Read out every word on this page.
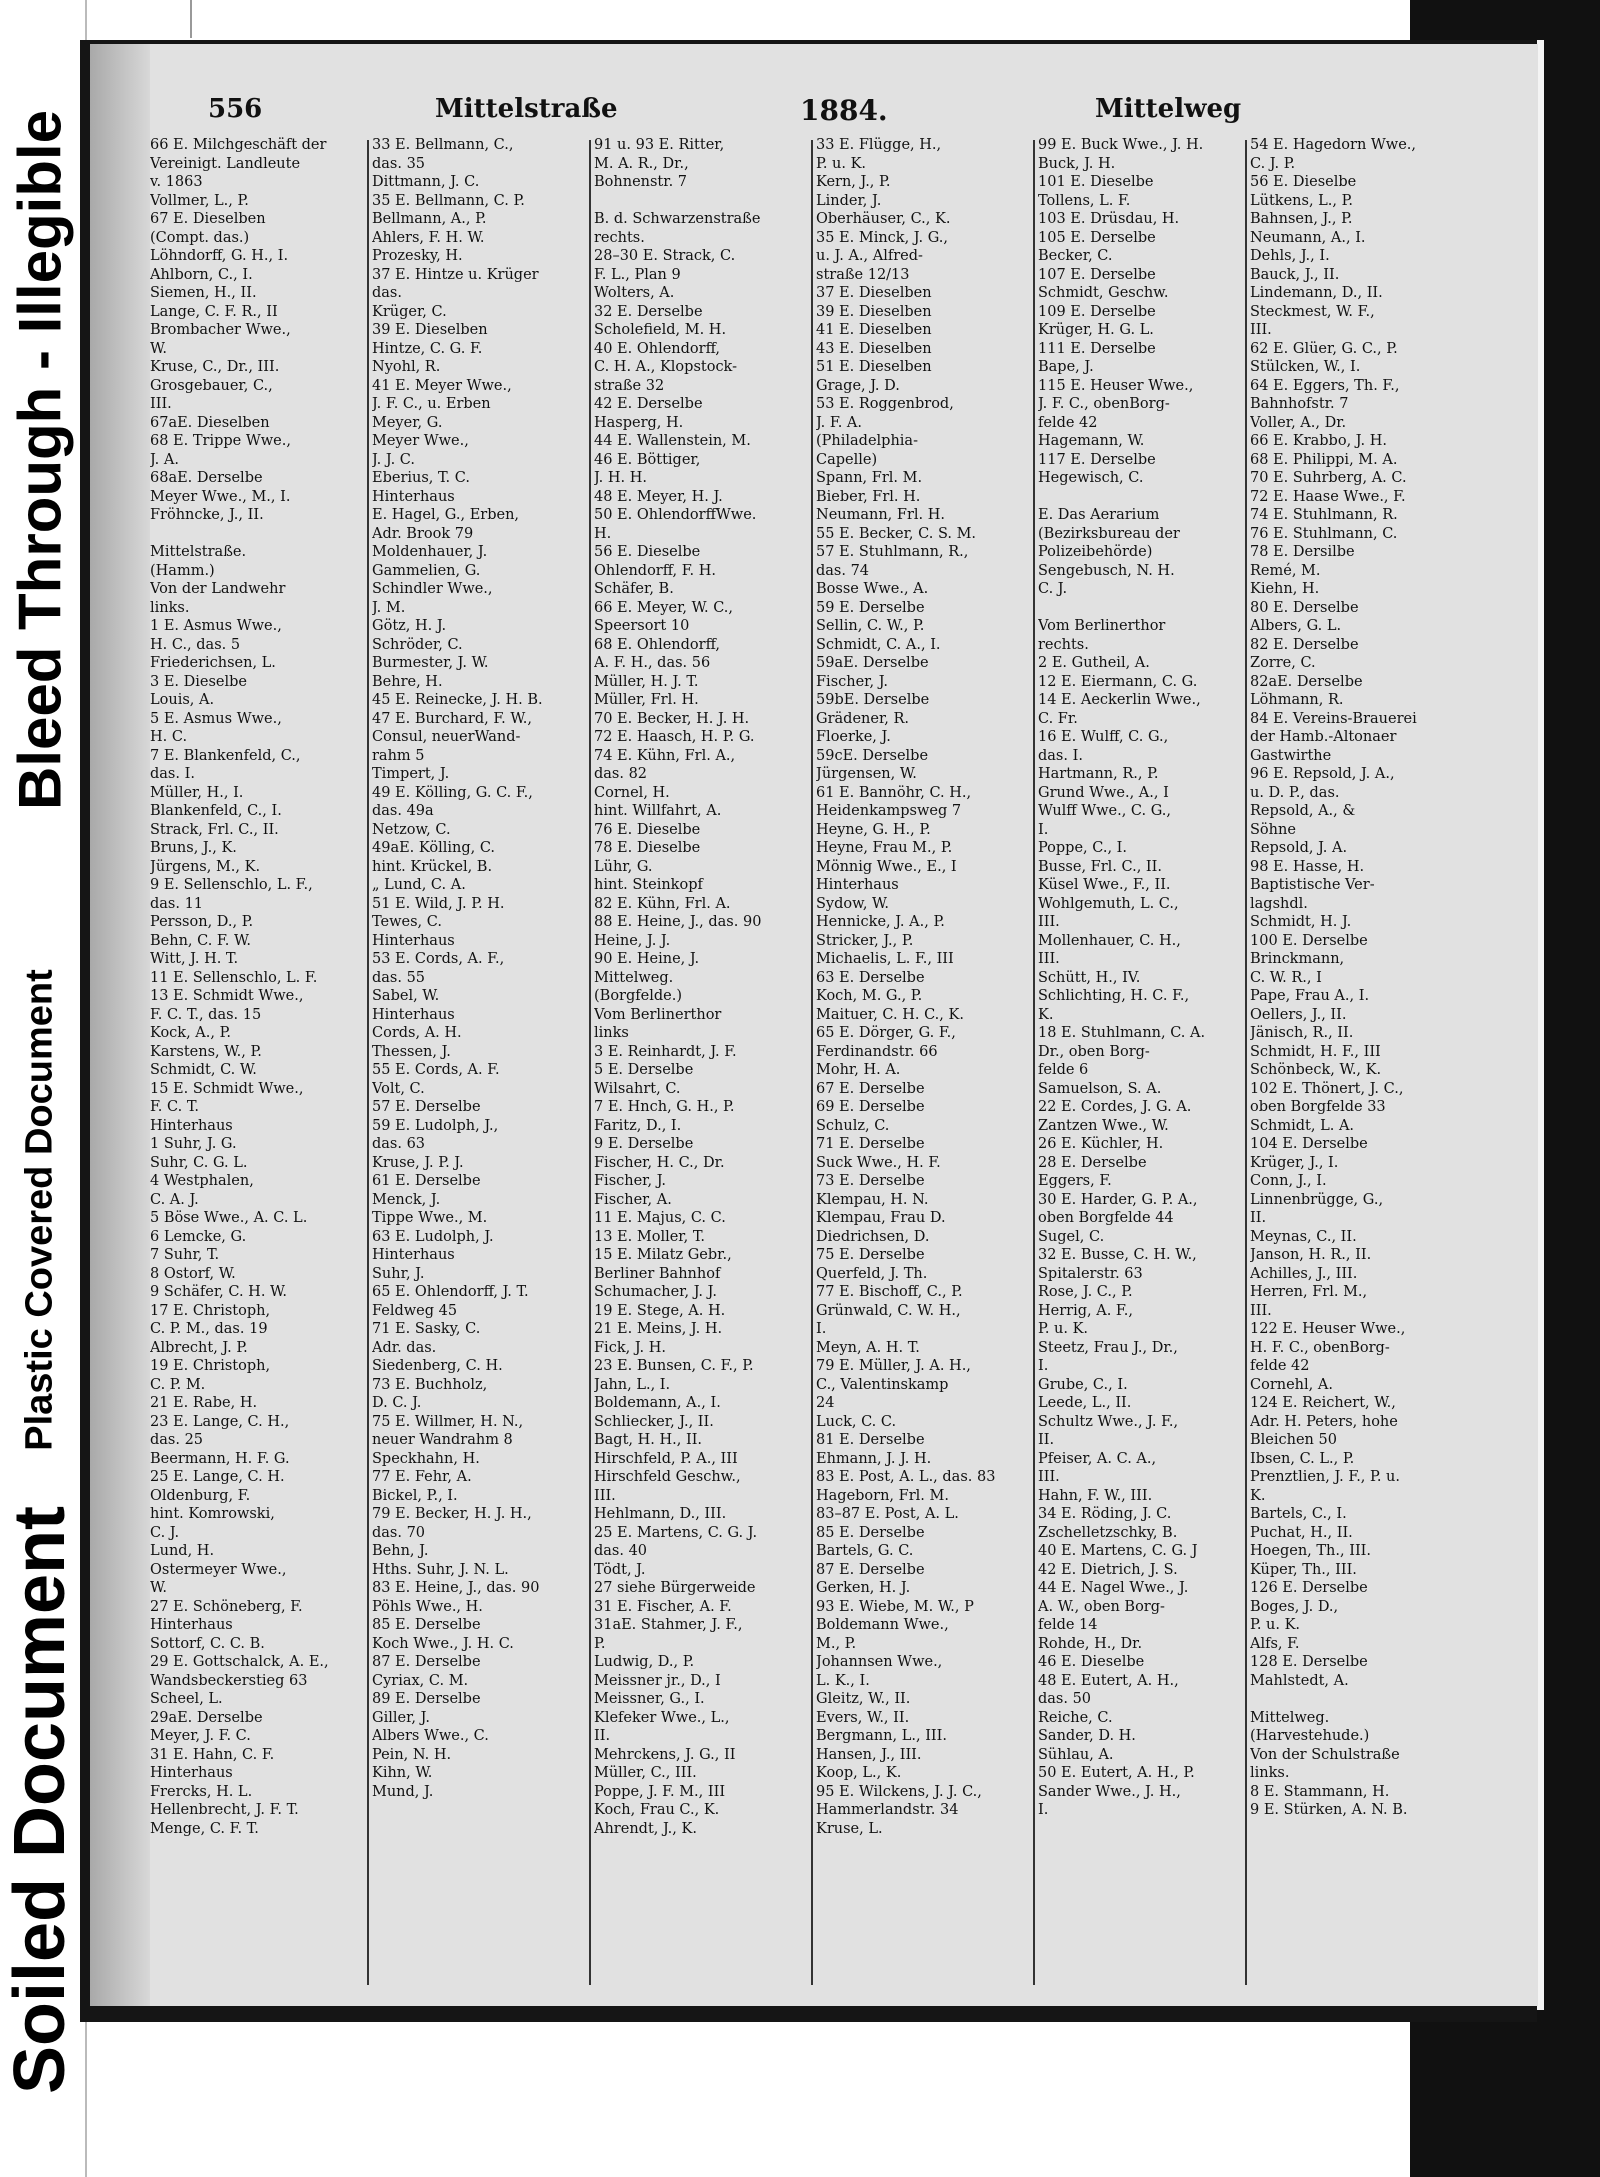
Soiled Document
Plastic Covered Document
Bleed Through - Illegible
556	Mittelstraße	1884.	Mittelweg
66 E. Milchgeschäft der
Vereinigt. Landleute
v. 1863
Vollmer, L., P.
67 E. Dieselben
(Compt. das.)
Löhndorff, G. H., I.
Ahlborn, C., I.
Siemen, H., II.
Lange, C. F. R., II
Brombacher Wwe.,
W.
Kruse, C., Dr., III.
Grosgebauer, C.,
III.
67aE. Dieselben
68 E. Trippe Wwe.,
J. A.
68aE. Derselbe
Meyer Wwe., M., I.
Fröhncke, J., II.
Mittelstraße.
(Hamm.)
Von der Landwehr
links.
1 E. Asmus Wwe.,
H. C., das. 5
Friederichsen, L.
3 E. Dieselbe
Louis, A.
5 E. Asmus Wwe.,
H. C.
7 E. Blankenfeld, C.,
das. I.
Müller, H., I.
Blankenfeld, C., I.
Strack, Frl. C., II.
Bruns, J., K.
Jürgens, M., K.
9 E. Sellenschlo, L. F.,
das. 11
Persson, D., P.
Behn, C. F. W.
Witt, J. H. T.
11 E. Sellenschlo, L. F.
13 E. Schmidt Wwe.,
F. C. T., das. 15
Kock, A., P.
Karstens, W., P.
Schmidt, C. W.
15 E. Schmidt Wwe.,
F. C. T.
Hinterhaus
1 Suhr, J. G.
Suhr, C. G. L.
4 Westphalen,
C. A. J.
5 Böse Wwe., A. C. L.
6 Lemcke, G.
7 Suhr, T.
8 Ostorf, W.
9 Schäfer, C. H. W.
17 E. Christoph,
C. P. M., das. 19
Albrecht, J. P.
19 E. Christoph,
C. P. M.
21 E. Rabe, H.
23 E. Lange, C. H.,
das. 25
Beermann, H. F. G.
25 E. Lange, C. H.
Oldenburg, F.
hint. Komrowski,
C. J.
Lund, H.
Ostermeyer Wwe.,
W.
27 E. Schöneberg, F.
Hinterhaus
Sottorf, C. C. B.
29 E. Gottschalck, A. E.,
Wandsbeckerstieg 63
Scheel, L.
29aE. Derselbe
Meyer, J. F. C.
31 E. Hahn, C. F.
Hinterhaus
Frercks, H. L.
Hellenbrecht, J. F. T.
Menge, C. F. T.
33 E. Bellmann, C.,
das. 35
Dittmann, J. C.
35 E. Bellmann, C. P.
Bellmann, A., P.
Ahlers, F. H. W.
Prozesky, H.
37 E. Hintze u. Krüger
das.
Krüger, C.
39 E. Dieselben
Hintze, C. G. F.
Nyohl, R.
41 E. Meyer Wwe.,
J. F. C., u. Erben
Meyer, G.
Meyer Wwe.,
J. J. C.
Eberius, T. C.
Hinterhaus
E. Hagel, G., Erben,
Adr. Brook 79
Moldenhauer, J.
Gammelien, G.
Schindler Wwe.,
J. M.
Götz, H. J.
Schröder, C.
Burmester, J. W.
Behre, H.
45 E. Reinecke, J. H. B.
47 E. Burchard, F. W.,
Consul, neuerWand-
rahm 5
Timpert, J.
49 E. Kölling, G. C. F.,
das. 49a
Netzow, C.
49aE. Kölling, C.
hint. Krückel, B.
„ Lund, C. A.
51 E. Wild, J. P. H.
Tewes, C.
Hinterhaus
53 E. Cords, A. F.,
das. 55
Sabel, W.
Hinterhaus
Cords, A. H.
Thessen, J.
55 E. Cords, A. F.
Volt, C.
57 E. Derselbe
59 E. Ludolph, J.,
das. 63
Kruse, J. P. J.
61 E. Derselbe
Menck, J.
Tippe Wwe., M.
63 E. Ludolph, J.
Hinterhaus
Suhr, J.
65 E. Ohlendorff, J. T.
Feldweg 45
71 E. Sasky, C.
Adr. das.
Siedenberg, C. H.
73 E. Buchholz,
D. C. J.
75 E. Willmer, H. N.,
neuer Wandrahm 8
Speckhahn, H.
77 E. Fehr, A.
Bickel, P., I.
79 E. Becker, H. J. H.,
das. 70
Behn, J.
Hths. Suhr, J. N. L.
83 E. Heine, J., das. 90
Pöhls Wwe., H.
85 E. Derselbe
Koch Wwe., J. H. C.
87 E. Derselbe
Cyriax, C. M.
89 E. Derselbe
Giller, J.
Albers Wwe., C.
Pein, N. H.
Kihn, W.
Mund, J.
91 u. 93 E. Ritter,
M. A. R., Dr.,
Bohnenstr. 7
B. d. Schwarzenstraße
rechts.
28–30 E. Strack, C.
F. L., Plan 9
Wolters, A.
32 E. Derselbe
Scholefield, M. H.
40 E. Ohlendorff,
C. H. A., Klopstock-
straße 32
42 E. Derselbe
Hasperg, H.
44 E. Wallenstein, M.
46 E. Böttiger,
J. H. H.
48 E. Meyer, H. J.
50 E. OhlendorffWwe.
H.
56 E. Dieselbe
Ohlendorff, F. H.
Schäfer, B.
66 E. Meyer, W. C.,
Speersort 10
68 E. Ohlendorff,
A. F. H., das. 56
Müller, H. J. T.
Müller, Frl. H.
70 E. Becker, H. J. H.
72 E. Haasch, H. P. G.
74 E. Kühn, Frl. A.,
das. 82
Cornel, H.
hint. Willfahrt, A.
76 E. Dieselbe
78 E. Dieselbe
Lühr, G.
hint. Steinkopf
82 E. Kühn, Frl. A.
88 E. Heine, J., das. 90
Heine, J. J.
90 E. Heine, J.
Mittelweg.
(Borgfelde.)
Vom Berlinerthor
links
3 E. Reinhardt, J. F.
5 E. Derselbe
Wilsahrt, C.
7 E. Hnch, G. H., P.
Faritz, D., I.
9 E. Derselbe
Fischer, H. C., Dr.
Fischer, J.
Fischer, A.
11 E. Majus, C. C.
13 E. Moller, T.
15 E. Milatz Gebr.,
Berliner Bahnhof
Schumacher, J. J.
19 E. Stege, A. H.
21 E. Meins, J. H.
Fick, J. H.
23 E. Bunsen, C. F., P.
Jahn, L., I.
Boldemann, A., I.
Schliecker, J., II.
Bagt, H. H., II.
Hirschfeld, P. A., III
Hirschfeld Geschw.,
III.
Hehlmann, D., III.
25 E. Martens, C. G. J.
das. 40
Tödt, J.
27 siehe Bürgerweide
31 E. Fischer, A. F.
31aE. Stahmer, J. F.,
P.
Ludwig, D., P.
Meissner jr., D., I
Meissner, G., I.
Klefeker Wwe., L.,
II.
Mehrckens, J. G., II
Müller, C., III.
Poppe, J. F. M., III
Koch, Frau C., K.
Ahrendt, J., K.
33 E. Flügge, H.,
P. u. K.
Kern, J., P.
Linder, J.
Oberhäuser, C., K.
35 E. Minck, J. G.,
u. J. A., Alfred-
straße 12/13
37 E. Dieselben
39 E. Dieselben
41 E. Dieselben
43 E. Dieselben
51 E. Dieselben
Grage, J. D.
53 E. Roggenbrod,
J. F. A.
(Philadelphia-
Capelle)
Spann, Frl. M.
Bieber, Frl. H.
Neumann, Frl. H.
55 E. Becker, C. S. M.
57 E. Stuhlmann, R.,
das. 74
Bosse Wwe., A.
59 E. Derselbe
Sellin, C. W., P.
Schmidt, C. A., I.
59aE. Derselbe
Fischer, J.
59bE. Derselbe
Grädener, R.
Floerke, J.
59cE. Derselbe
Jürgensen, W.
61 E. Bannöhr, C. H.,
Heidenkampsweg 7
Heyne, G. H., P.
Heyne, Frau M., P.
Mönnig Wwe., E., I
Hinterhaus
Sydow, W.
Hennicke, J. A., P.
Stricker, J., P.
Michaelis, L. F., III
63 E. Derselbe
Koch, M. G., P.
Maituer, C. H. C., K.
65 E. Dörger, G. F.,
Ferdinandstr. 66
Mohr, H. A.
67 E. Derselbe
69 E. Derselbe
Schulz, C.
71 E. Derselbe
Suck Wwe., H. F.
73 E. Derselbe
Klempau, H. N.
Klempau, Frau D.
Diedrichsen, D.
75 E. Derselbe
Querfeld, J. Th.
77 E. Bischoff, C., P.
Grünwald, C. W. H.,
I.
Meyn, A. H. T.
79 E. Müller, J. A. H.,
C., Valentinskamp
24
Luck, C. C.
81 E. Derselbe
Ehmann, J. J. H.
83 E. Post, A. L., das. 83
Hageborn, Frl. M.
83–87 E. Post, A. L.
85 E. Derselbe
Bartels, G. C.
87 E. Derselbe
Gerken, H. J.
93 E. Wiebe, M. W., P
Boldemann Wwe.,
M., P.
Johannsen Wwe.,
L. K., I.
Gleitz, W., II.
Evers, W., II.
Bergmann, L., III.
Hansen, J., III.
Koop, L., K.
95 E. Wilckens, J. J. C.,
Hammerlandstr. 34
Kruse, L.
99 E. Buck Wwe., J. H.
Buck, J. H.
101 E. Dieselbe
Tollens, L. F.
103 E. Drüsdau, H.
105 E. Derselbe
Becker, C.
107 E. Derselbe
Schmidt, Geschw.
109 E. Derselbe
Krüger, H. G. L.
111 E. Derselbe
Bape, J.
115 E. Heuser Wwe.,
J. F. C., obenBorg-
felde 42
Hagemann, W.
117 E. Derselbe
Hegewisch, C.
E. Das Aerarium
(Bezirksbureau der
Polizeibehörde)
Sengebusch, N. H.
C. J.
Vom Berlinerthor
rechts.
2 E. Gutheil, A.
12 E. Eiermann, C. G.
14 E. Aeckerlin Wwe.,
C. Fr.
16 E. Wulff, C. G.,
das. I.
Hartmann, R., P.
Grund Wwe., A., I
Wulff Wwe., C. G.,
I.
Poppe, C., I.
Busse, Frl. C., II.
Küsel Wwe., F., II.
Wohlgemuth, L. C.,
III.
Mollenhauer, C. H.,
III.
Schütt, H., IV.
Schlichting, H. C. F.,
K.
18 E. Stuhlmann, C. A.
Dr., oben Borg-
felde 6
Samuelson, S. A.
22 E. Cordes, J. G. A.
Zantzen Wwe., W.
26 E. Küchler, H.
28 E. Derselbe
Eggers, F.
30 E. Harder, G. P. A.,
oben Borgfelde 44
Sugel, C.
32 E. Busse, C. H. W.,
Spitalerstr. 63
Rose, J. C., P.
Herrig, A. F.,
P. u. K.
Steetz, Frau J., Dr.,
I.
Grube, C., I.
Leede, L., II.
Schultz Wwe., J. F.,
II.
Pfeiser, A. C. A.,
III.
Hahn, F. W., III.
34 E. Röding, J. C.
Zschelletzschky, B.
40 E. Martens, C. G. J
42 E. Dietrich, J. S.
44 E. Nagel Wwe., J.
A. W., oben Borg-
felde 14
Rohde, H., Dr.
46 E. Dieselbe
48 E. Eutert, A. H.,
das. 50
Reiche, C.
Sander, D. H.
Sühlau, A.
50 E. Eutert, A. H., P.
Sander Wwe., J. H.,
I.
54 E. Hagedorn Wwe.,
C. J. P.
56 E. Dieselbe
Lütkens, L., P.
Bahnsen, J., P.
Neumann, A., I.
Dehls, J., I.
Bauck, J., II.
Lindemann, D., II.
Steckmest, W. F.,
III.
62 E. Glüer, G. C., P.
Stülcken, W., I.
64 E. Eggers, Th. F.,
Bahnhofstr. 7
Voller, A., Dr.
66 E. Krabbo, J. H.
68 E. Philippi, M. A.
70 E. Suhrberg, A. C.
72 E. Haase Wwe., F.
74 E. Stuhlmann, R.
76 E. Stuhlmann, C.
78 E. Dersilbe
Remé, M.
Kiehn, H.
80 E. Derselbe
Albers, G. L.
82 E. Derselbe
Zorre, C.
82aE. Derselbe
Löhmann, R.
84 E. Vereins-Brauerei
der Hamb.-Altonaer
Gastwirthe
96 E. Repsold, J. A.,
u. D. P., das.
Repsold, A., &
Söhne
Repsold, J. A.
98 E. Hasse, H.
Baptistische Ver-
lagshdl.
Schmidt, H. J.
100 E. Derselbe
Brinckmann,
C. W. R., I
Pape, Frau A., I.
Oellers, J., II.
Jänisch, R., II.
Schmidt, H. F., III
Schönbeck, W., K.
102 E. Thönert, J. C.,
oben Borgfelde 33
Schmidt, L. A.
104 E. Derselbe
Krüger, J., I.
Conn, J., I.
Linnenbrügge, G.,
II.
Meynas, C., II.
Janson, H. R., II.
Achilles, J., III.
Herren, Frl. M.,
III.
122 E. Heuser Wwe.,
H. F. C., obenBorg-
felde 42
Cornehl, A.
124 E. Reichert, W.,
Adr. H. Peters, hohe
Bleichen 50
Ibsen, C. L., P.
Prenztlien, J. F., P. u.
K.
Bartels, C., I.
Puchat, H., II.
Hoegen, Th., III.
Küper, Th., III.
126 E. Derselbe
Boges, J. D.,
P. u. K.
Alfs, F.
128 E. Derselbe
Mahlstedt, A.
Mittelweg.
(Harvestehude.)
Von der Schulstraße
links.
8 E. Stammann, H.
9 E. Stürken, A. N. B.
